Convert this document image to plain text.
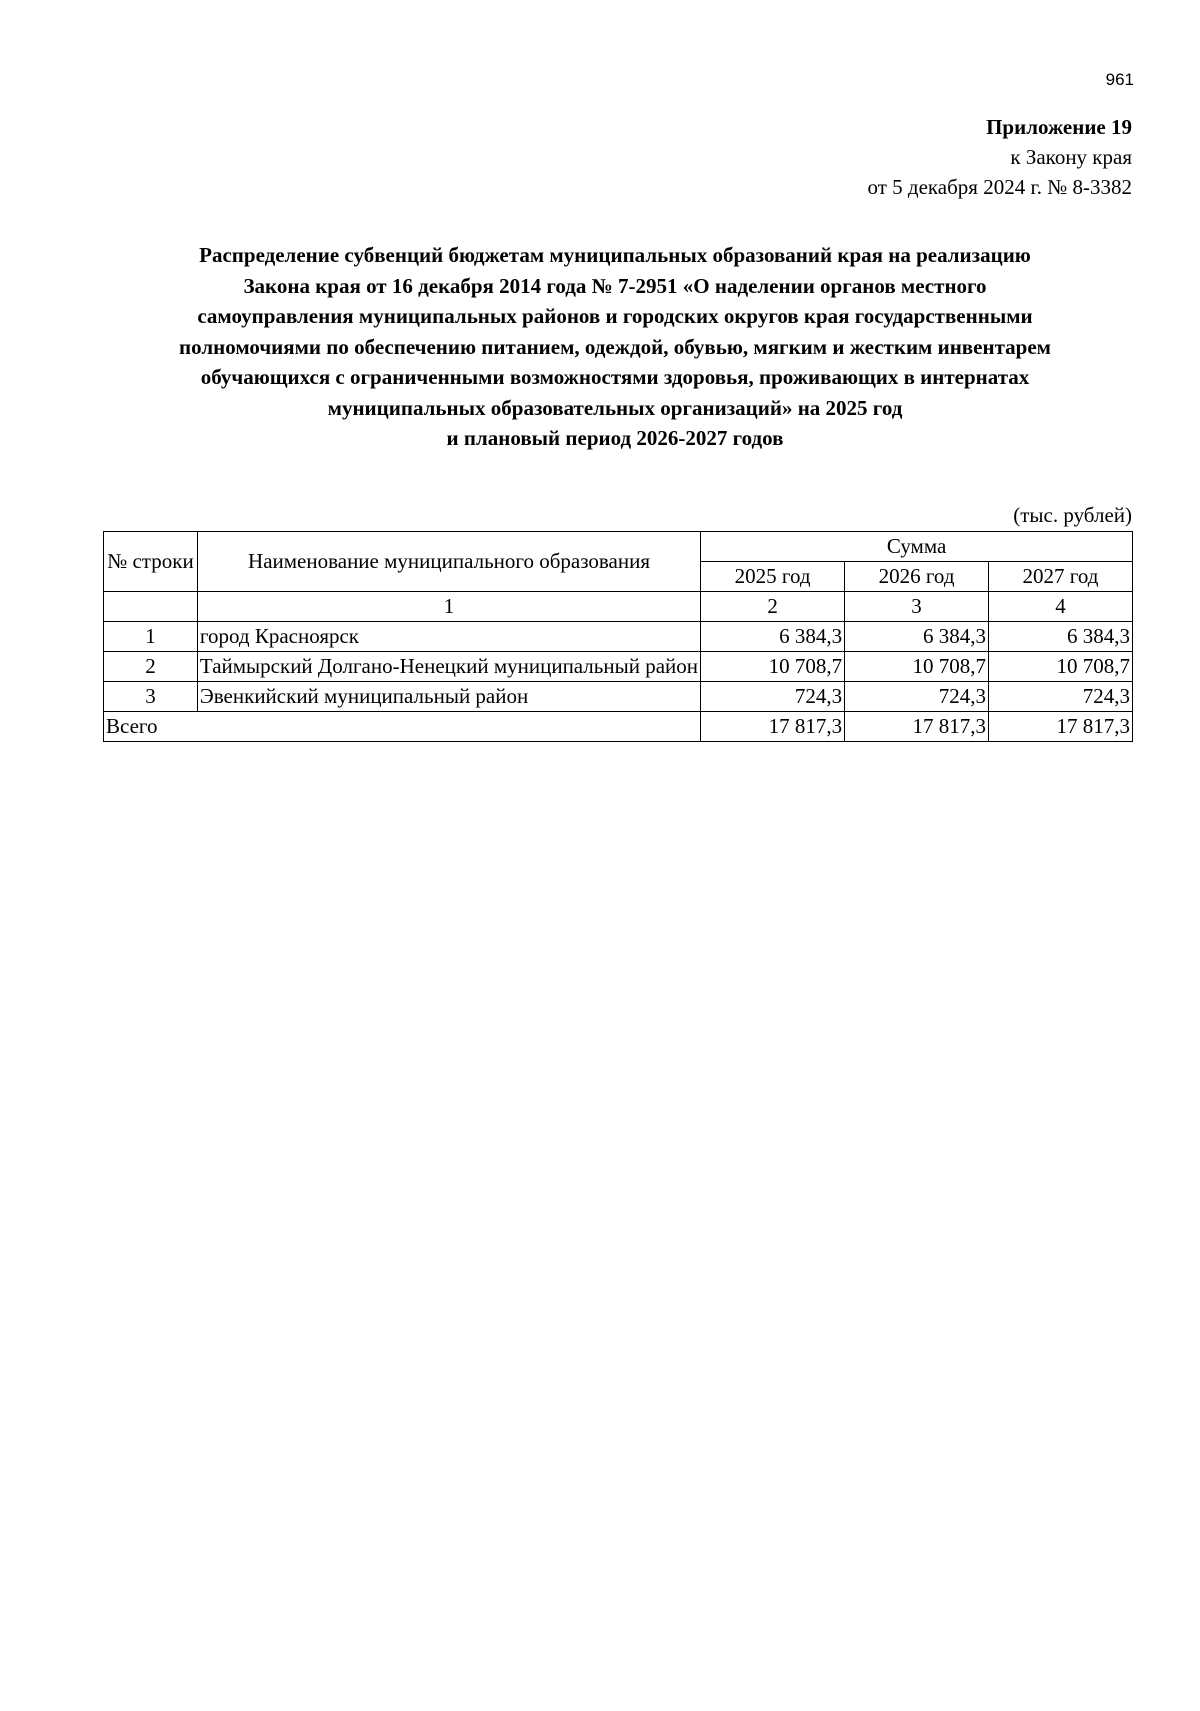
961
Приложение 19
к Закону края
от 5 декабря 2024 г. № 8-3382
Распределение субвенций бюджетам муниципальных образований края на реализацию
Закона края от 16 декабря 2014 года № 7-2951 «О наделении органов местного
самоуправления муниципальных районов и городских округов края государственными
полномочиями по обеспечению питанием, одеждой, обувью, мягким и жестким инвентарем
обучающихся с ограниченными возможностями здоровья, проживающих в интернатах
муниципальных образовательных организаций» на 2025 год
и плановый период 2026-2027 годов
(тыс. рублей)
№ строки	Наименование муниципального образования	Сумма		
		2025 год	2026 год	2027 год
	1	2	3	4
1	город Красноярск	6 384,3	6 384,3	6 384,3
2	Таймырский Долгано-Ненецкий муниципальный район	10 708,7	10 708,7	10 708,7
3	Эвенкийский муниципальный район	724,3	724,3	724,3
Всего		17 817,3	17 817,3	17 817,3
